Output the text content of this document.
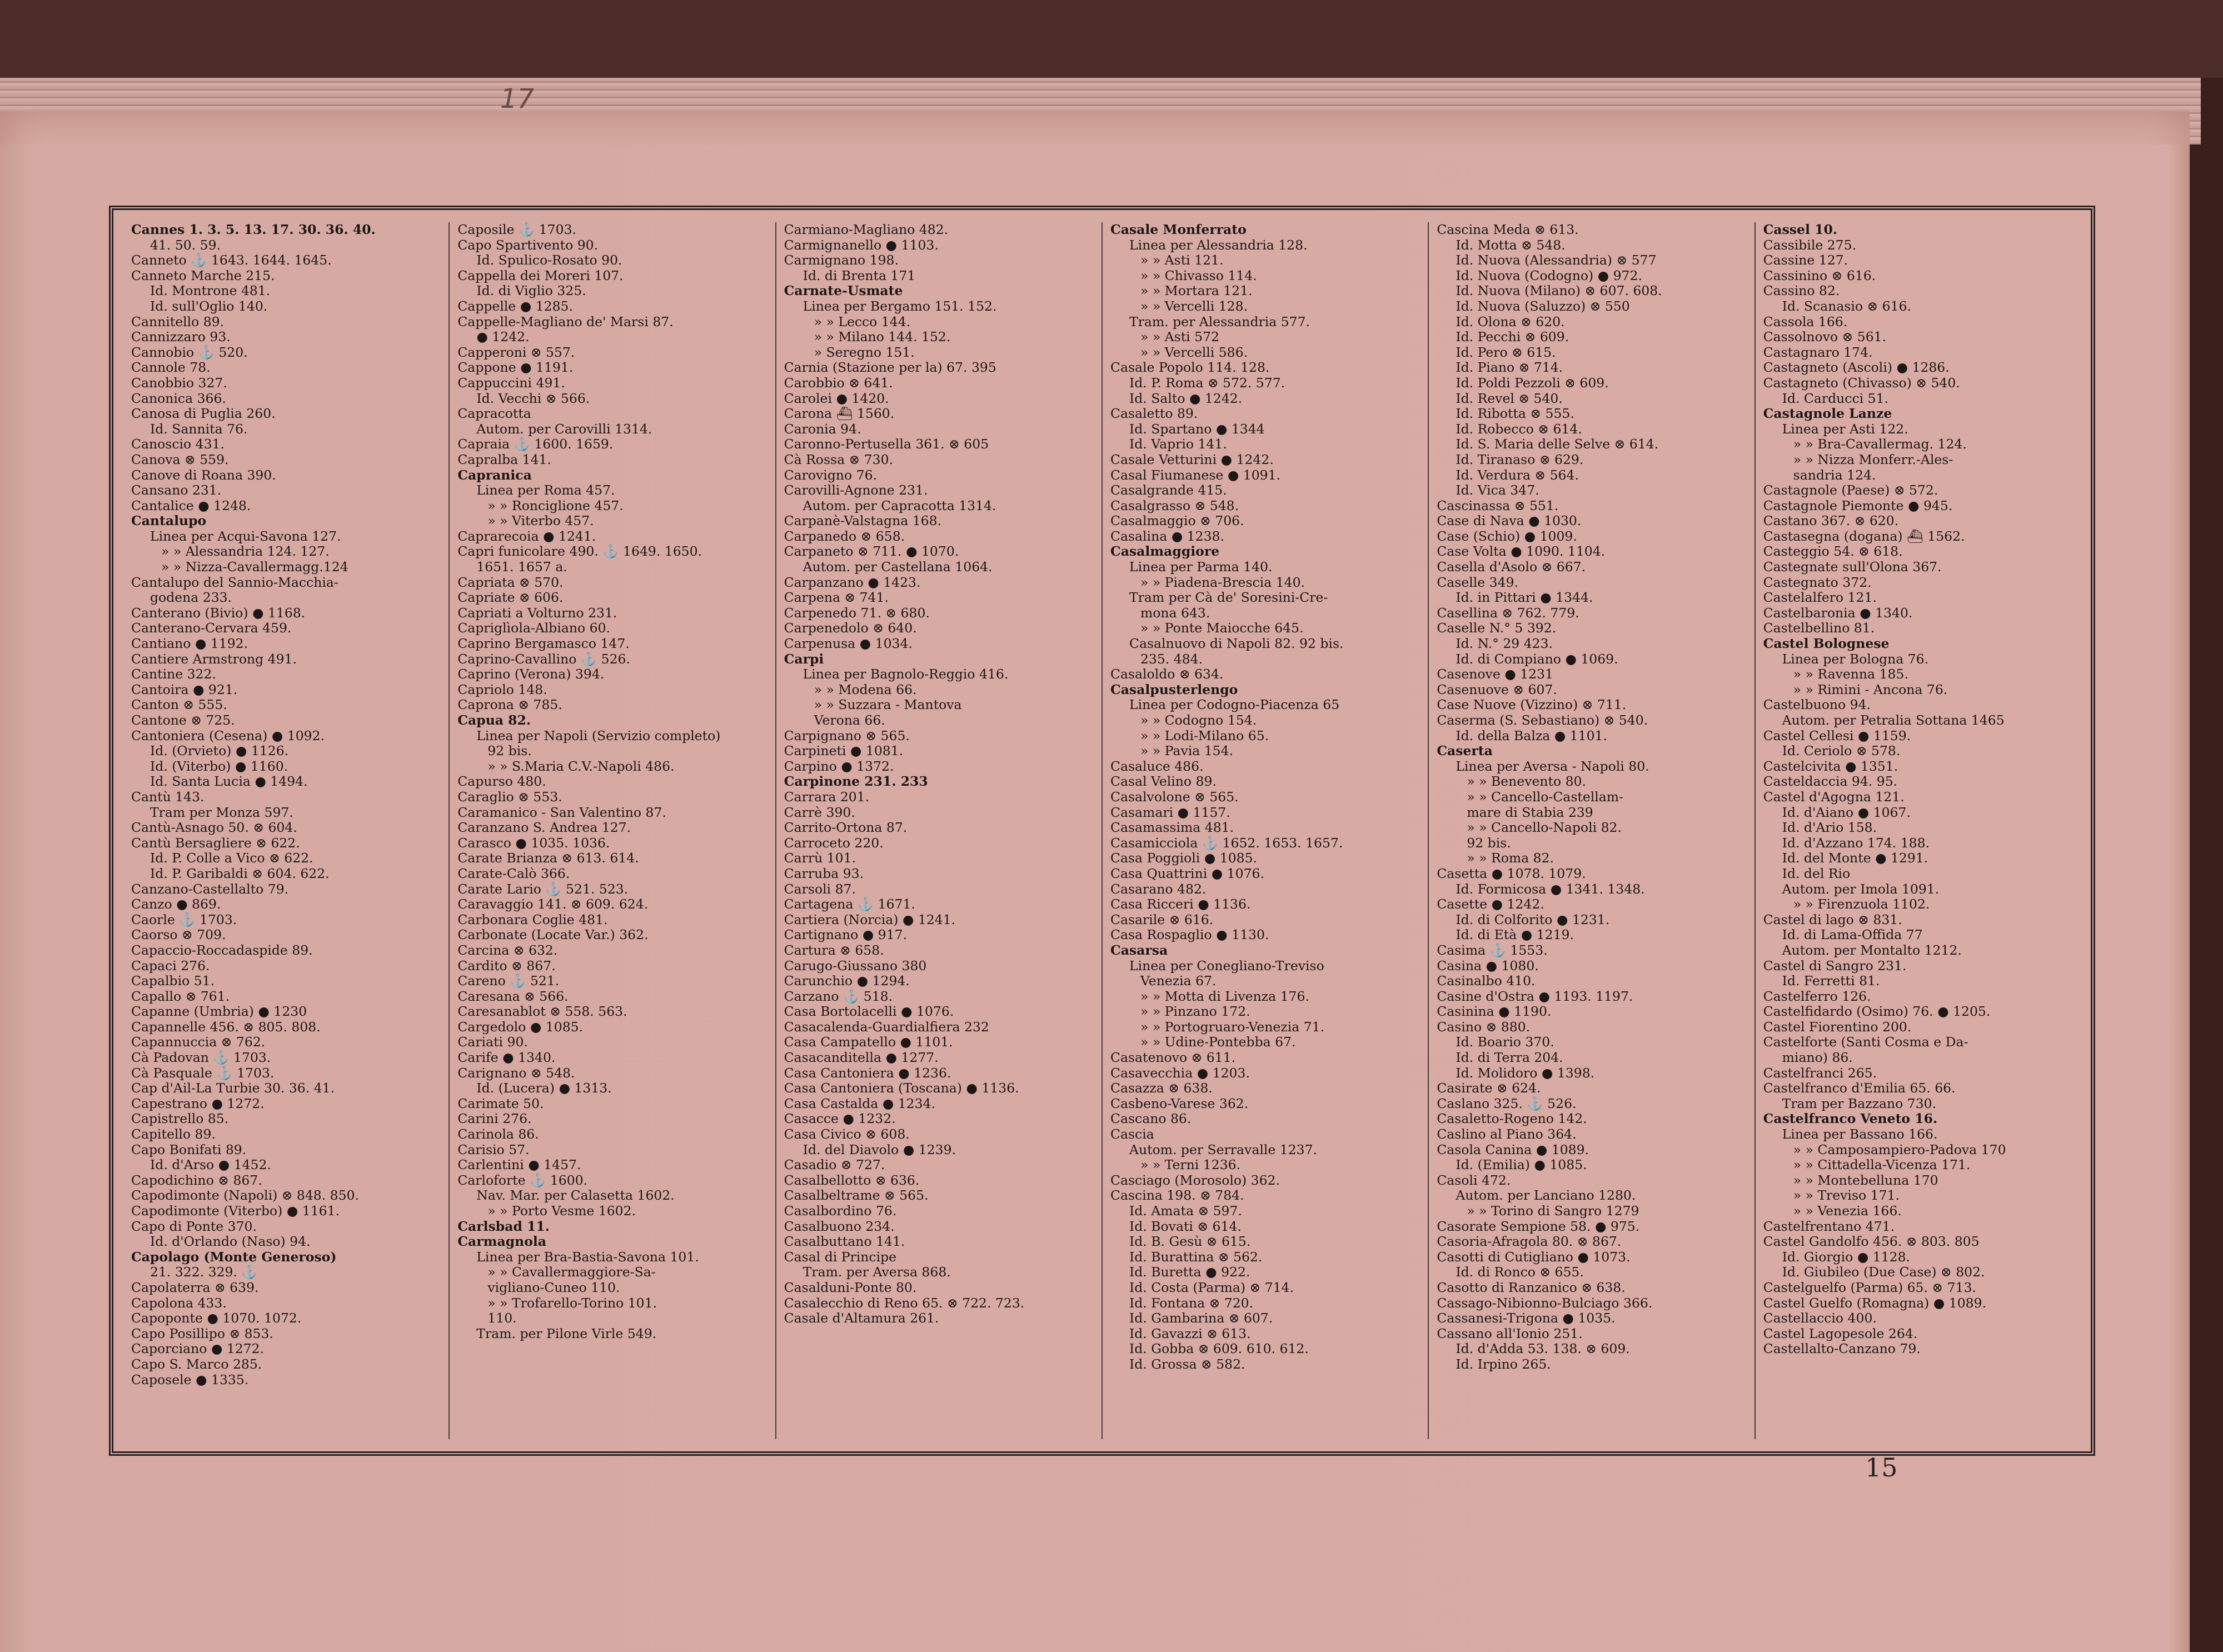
17
Cannes 1. 3. 5. 13. 17. 30. 36. 40.
41. 50. 59.
Canneto ⚓ 1643. 1644. 1645.
Canneto Marche 215.
Id. Montrone 481.
Id. sull'Oglio 140.
Cannitello 89.
Cannizzaro 93.
Cannobio ⚓ 520.
Cannole 78.
Canobbio 327.
Canonica 366.
Canosa di Puglia 260.
Id. Sannita 76.
Canoscio 431.
Canova ⊗ 559.
Canove di Roana 390.
Cansano 231.
Cantalice ● 1248.
Cantalupo
Linea per Acqui-Savona 127.
» » Alessandria 124. 127.
» » Nizza-Cavallermagg.124
Cantalupo del Sannio-Macchia-
godena 233.
Canterano (Bivio) ● 1168.
Canterano-Cervara 459.
Cantiano ● 1192.
Cantiere Armstrong 491.
Cantine 322.
Cantoira ● 921.
Canton ⊗ 555.
Cantone ⊗ 725.
Cantoniera (Cesena) ● 1092.
Id. (Orvieto) ● 1126.
Id. (Viterbo) ● 1160.
Id. Santa Lucia ● 1494.
Cantù 143.
Tram per Monza 597.
Cantù-Asnago 50. ⊗ 604.
Cantù Bersagliere ⊗ 622.
Id. P. Colle a Vico ⊗ 622.
Id. P. Garibaldi ⊗ 604. 622.
Canzano-Castellalto 79.
Canzo ● 869.
Caorle ⚓ 1703.
Caorso ⊗ 709.
Capaccio-Roccadaspide 89.
Capaci 276.
Capalbio 51.
Capallo ⊗ 761.
Capanne (Umbria) ● 1230
Capannelle 456. ⊗ 805. 808.
Capannuccia ⊗ 762.
Cà Padovan ⚓ 1703.
Cà Pasquale ⚓ 1703.
Cap d'Ail-La Turbie 30. 36. 41.
Capestrano ● 1272.
Capistrello 85.
Capitello 89.
Capo Bonifati 89.
Id. d'Arso ● 1452.
Capodichino ⊗ 867.
Capodimonte (Napoli) ⊗ 848. 850.
Capodimonte (Viterbo) ● 1161.
Capo di Ponte 370.
Id. d'Orlando (Naso) 94.
Capolago (Monte Generoso)
21. 322. 329. ⚓
Capolaterra ⊗ 639.
Capolona 433.
Capoponte ● 1070. 1072.
Capo Posillipo ⊗ 853.
Caporciano ● 1272.
Capo S. Marco 285.
Caposele ● 1335.
Caposile ⚓ 1703.
Capo Spartivento 90.
Id. Spulico-Rosato 90.
Cappella dei Moreri 107.
Id. di Viglio 325.
Cappelle ● 1285.
Cappelle-Magliano de' Marsi 87.
● 1242.
Capperoni ⊗ 557.
Cappone ● 1191.
Cappuccini 491.
Id. Vecchi ⊗ 566.
Capracotta
Autom. per Carovilli 1314.
Capraia ⚓ 1600. 1659.
Capralba 141.
Capranica
Linea per Roma 457.
» » Ronciglione 457.
» » Viterbo 457.
Caprarecoia ● 1241.
Capri funicolare 490. ⚓ 1649. 1650.
1651. 1657 a.
Capriata ⊗ 570.
Capriate ⊗ 606.
Capriati a Volturno 231.
Capriglìola-Albiano 60.
Caprino Bergamasco 147.
Caprino-Cavallino ⚓ 526.
Caprino (Verona) 394.
Capriolo 148.
Caprona ⊗ 785.
Capua 82.
Linea per Napoli (Servizio completo)
92 bis.
» » S.Maria C.V.-Napoli 486.
Capurso 480.
Caraglio ⊗ 553.
Caramanico - San Valentino 87.
Caranzano S. Andrea 127.
Carasco ● 1035. 1036.
Carate Brianza ⊗ 613. 614.
Carate-Calò 366.
Carate Lario ⚓ 521. 523.
Caravaggio 141. ⊗ 609. 624.
Carbonara Coglie 481.
Carbonate (Locate Var.) 362.
Carcina ⊗ 632.
Cardito ⊗ 867.
Careno ⚓ 521.
Caresana ⊗ 566.
Caresanablot ⊗ 558. 563.
Cargedolo ● 1085.
Cariati 90.
Carife ● 1340.
Carignano ⊗ 548.
Id. (Lucera) ● 1313.
Carimate 50.
Carini 276.
Carinola 86.
Carisio 57.
Carlentini ● 1457.
Carloforte ⚓ 1600.
Nav. Mar. per Calasetta 1602.
» » Porto Vesme 1602.
Carlsbad 11.
Carmagnola
Linea per Bra-Bastia-Savona 101.
» » Cavallermaggiore-Sa-
vigliano-Cuneo 110.
» » Trofarello-Torino 101.
110.
Tram. per Pilone Virle 549.
Carmiano-Magliano 482.
Carmignanello ● 1103.
Carmignano 198.
Id. di Brenta 171
Carnate-Usmate
Linea per Bergamo 151. 152.
» » Lecco 144.
» » Milano 144. 152.
» Seregno 151.
Carnia (Stazione per la) 67. 395
Carobbio ⊗ 641.
Carolei ● 1420.
Carona ⛴ 1560.
Caronia 94.
Caronno-Pertusella 361. ⊗ 605
Cà Rossa ⊗ 730.
Carovigno 76.
Carovilli-Agnone 231.
Autom. per Capracotta 1314.
Carpanè-Valstagna 168.
Carpanedo ⊗ 658.
Carpaneto ⊗ 711. ● 1070.
Autom. per Castellana 1064.
Carpanzano ● 1423.
Carpena ⊗ 741.
Carpenedo 71. ⊗ 680.
Carpenedolo ⊗ 640.
Carpenusa ● 1034.
Carpi
Linea per Bagnolo-Reggio 416.
» » Modena 66.
» » Suzzara - Mantova
Verona 66.
Carpignano ⊗ 565.
Carpineti ● 1081.
Carpino ● 1372.
Carpinone 231. 233
Carrara 201.
Carrè 390.
Carrito-Ortona 87.
Carroceto 220.
Carrù 101.
Carruba 93.
Carsoli 87.
Cartagena ⚓ 1671.
Cartiera (Norcia) ● 1241.
Cartignano ● 917.
Cartura ⊗ 658.
Carugo-Giussano 380
Carunchio ● 1294.
Carzano ⚓ 518.
Casa Bortolacelli ● 1076.
Casacalenda-Guardialfiera 232
Casa Campatello ● 1101.
Casacanditella ● 1277.
Casa Cantoniera ● 1236.
Casa Cantoniera (Toscana) ● 1136.
Casa Castalda ● 1234.
Casacce ● 1232.
Casa Civico ⊗ 608.
Id. del Diavolo ● 1239.
Casadio ⊗ 727.
Casalbellotto ⊗ 636.
Casalbeltrame ⊗ 565.
Casalbordino 76.
Casalbuono 234.
Casalbuttano 141.
Casal di Principe
Tram. per Aversa 868.
Casalduni-Ponte 80.
Casalecchio di Reno 65. ⊗ 722. 723.
Casale d'Altamura 261.
Casale Monferrato
Linea per Alessandria 128.
» » Asti 121.
» » Chivasso 114.
» » Mortara 121.
» » Vercelli 128.
Tram. per Alessandria 577.
» » Asti 572
» » Vercelli 586.
Casale Popolo 114. 128.
Id. P. Roma ⊗ 572. 577.
Id. Salto ● 1242.
Casaletto 89.
Id. Spartano ● 1344
Id. Vaprio 141.
Casale Vetturini ● 1242.
Casal Fiumanese ● 1091.
Casalgrande 415.
Casalgrasso ⊗ 548.
Casalmaggio ⊗ 706.
Casalina ● 1238.
Casalmaggiore
Linea per Parma 140.
» » Piadena-Brescia 140.
Tram per Cà de' Soresini-Cre-
mona 643.
» » Ponte Maiocche 645.
Casalnuovo di Napoli 82. 92 bis.
235. 484.
Casaloldo ⊗ 634.
Casalpusterlengo
Linea per Codogno-Piacenza 65
» » Codogno 154.
» » Lodi-Milano 65.
» » Pavia 154.
Casaluce 486.
Casal Velino 89.
Casalvolone ⊗ 565.
Casamari ● 1157.
Casamassima 481.
Casamicciola ⚓ 1652. 1653. 1657.
Casa Poggioli ● 1085.
Casa Quattrini ● 1076.
Casarano 482.
Casa Ricceri ● 1136.
Casarile ⊗ 616.
Casa Rospaglio ● 1130.
Casarsa
Linea per Conegliano-Treviso
Venezia 67.
» » Motta di Livenza 176.
» » Pinzano 172.
» » Portogruaro-Venezia 71.
» » Udine-Pontebba 67.
Casatenovo ⊗ 611.
Casavecchia ● 1203.
Casazza ⊗ 638.
Casbeno-Varese 362.
Cascano 86.
Cascia
Autom. per Serravalle 1237.
» » Terni 1236.
Casciago (Morosolo) 362.
Cascina 198. ⊗ 784.
Id. Amata ⊗ 597.
Id. Bovati ⊗ 614.
Id. B. Gesù ⊗ 615.
Id. Burattina ⊗ 562.
Id. Buretta ● 922.
Id. Costa (Parma) ⊗ 714.
Id. Fontana ⊗ 720.
Id. Gambarina ⊗ 607.
Id. Gavazzi ⊗ 613.
Id. Gobba ⊗ 609. 610. 612.
Id. Grossa ⊗ 582.
Cascina Meda ⊗ 613.
Id. Motta ⊗ 548.
Id. Nuova (Alessandria) ⊗ 577
Id. Nuova (Codogno) ● 972.
Id. Nuova (Milano) ⊗ 607. 608.
Id. Nuova (Saluzzo) ⊗ 550
Id. Olona ⊗ 620.
Id. Pecchi ⊗ 609.
Id. Pero ⊗ 615.
Id. Piano ⊗ 714.
Id. Poldi Pezzoli ⊗ 609.
Id. Revel ⊗ 540.
Id. Ribotta ⊗ 555.
Id. Robecco ⊗ 614.
Id. S. Maria delle Selve ⊗ 614.
Id. Tiranaso ⊗ 629.
Id. Verdura ⊗ 564.
Id. Vica 347.
Cascinassa ⊗ 551.
Case di Nava ● 1030.
Case (Schio) ● 1009.
Case Volta ● 1090. 1104.
Casella d'Asolo ⊗ 667.
Caselle 349.
Id. in Pittari ● 1344.
Casellina ⊗ 762. 779.
Caselle N.° 5 392.
Id. N.° 29 423.
Id. di Compiano ● 1069.
Casenove ● 1231
Casenuove ⊗ 607.
Case Nuove (Vizzino) ⊗ 711.
Caserma (S. Sebastiano) ⊗ 540.
Id. della Balza ● 1101.
Caserta
Linea per Aversa - Napoli 80.
» » Benevento 80.
» » Cancello-Castellam-
mare di Stabia 239
» » Cancello-Napoli 82.
92 bis.
» » Roma 82.
Casetta ● 1078. 1079.
Id. Formicosa ● 1341. 1348.
Casette ● 1242.
Id. di Colforito ● 1231.
Id. di Età ● 1219.
Casima ⚓ 1553.
Casina ● 1080.
Casinalbo 410.
Casine d'Ostra ● 1193. 1197.
Casinina ● 1190.
Casino ⊗ 880.
Id. Boario 370.
Id. di Terra 204.
Id. Molidoro ● 1398.
Casirate ⊗ 624.
Caslano 325. ⚓ 526.
Casaletto-Rogeno 142.
Caslino al Piano 364.
Casola Canina ● 1089.
Id. (Emilia) ● 1085.
Casoli 472.
Autom. per Lanciano 1280.
» » Torino di Sangro 1279
Casorate Sempione 58. ● 975.
Casoria-Afragola 80. ⊗ 867.
Casotti di Cutigliano ● 1073.
Id. di Ronco ⊗ 655.
Casotto di Ranzanico ⊗ 638.
Cassago-Nibionno-Bulciago 366.
Cassanesi-Trigona ● 1035.
Cassano all'Ionio 251.
Id. d'Adda 53. 138. ⊗ 609.
Id. Irpino 265.
Cassel 10.
Cassibile 275.
Cassine 127.
Cassinino ⊗ 616.
Cassino 82.
Id. Scanasio ⊗ 616.
Cassola 166.
Cassolnovo ⊗ 561.
Castagnaro 174.
Castagneto (Ascoli) ● 1286.
Castagneto (Chivasso) ⊗ 540.
Id. Carducci 51.
Castagnole Lanze
Linea per Asti 122.
» » Bra-Cavallermag. 124.
» » Nizza Monferr.-Ales-
sandria 124.
Castagnole (Paese) ⊗ 572.
Castagnole Piemonte ● 945.
Castano 367. ⊗ 620.
Castasegna (dogana) ⛴ 1562.
Casteggio 54. ⊗ 618.
Castegnate sull'Olona 367.
Castegnato 372.
Castelalfero 121.
Castelbaronia ● 1340.
Castelbellino 81.
Castel Bolognese
Linea per Bologna 76.
» » Ravenna 185.
» » Rimini - Ancona 76.
Castelbuono 94.
Autom. per Petralia Sottana 1465
Castel Cellesi ● 1159.
Id. Ceriolo ⊗ 578.
Castelcivita ● 1351.
Casteldaccia 94. 95.
Castel d'Agogna 121.
Id. d'Aiano ● 1067.
Id. d'Ario 158.
Id. d'Azzano 174. 188.
Id. del Monte ● 1291.
Id. del Rio
Autom. per Imola 1091.
» » Firenzuola 1102.
Castel di lago ⊗ 831.
Id. di Lama-Offida 77
Autom. per Montalto 1212.
Castel di Sangro 231.
Id. Ferretti 81.
Castelferro 126.
Castelfidardo (Osimo) 76. ● 1205.
Castel Fiorentino 200.
Castelforte (Santi Cosma e Da-
miano) 86.
Castelfranci 265.
Castelfranco d'Emilia 65. 66.
Tram per Bazzano 730.
Castelfranco Veneto 16.
Linea per Bassano 166.
» » Camposampiero-Padova 170
» » Cittadella-Vicenza 171.
» » Montebelluna 170
» » Treviso 171.
» » Venezia 166.
Castelfrentano 471.
Castel Gandolfo 456. ⊗ 803. 805
Id. Giorgio ● 1128.
Id. Giubileo (Due Case) ⊗ 802.
Castelguelfo (Parma) 65. ⊗ 713.
Castel Guelfo (Romagna) ● 1089.
Castellaccio 400.
Castel Lagopesole 264.
Castellalto-Canzano 79.
15
